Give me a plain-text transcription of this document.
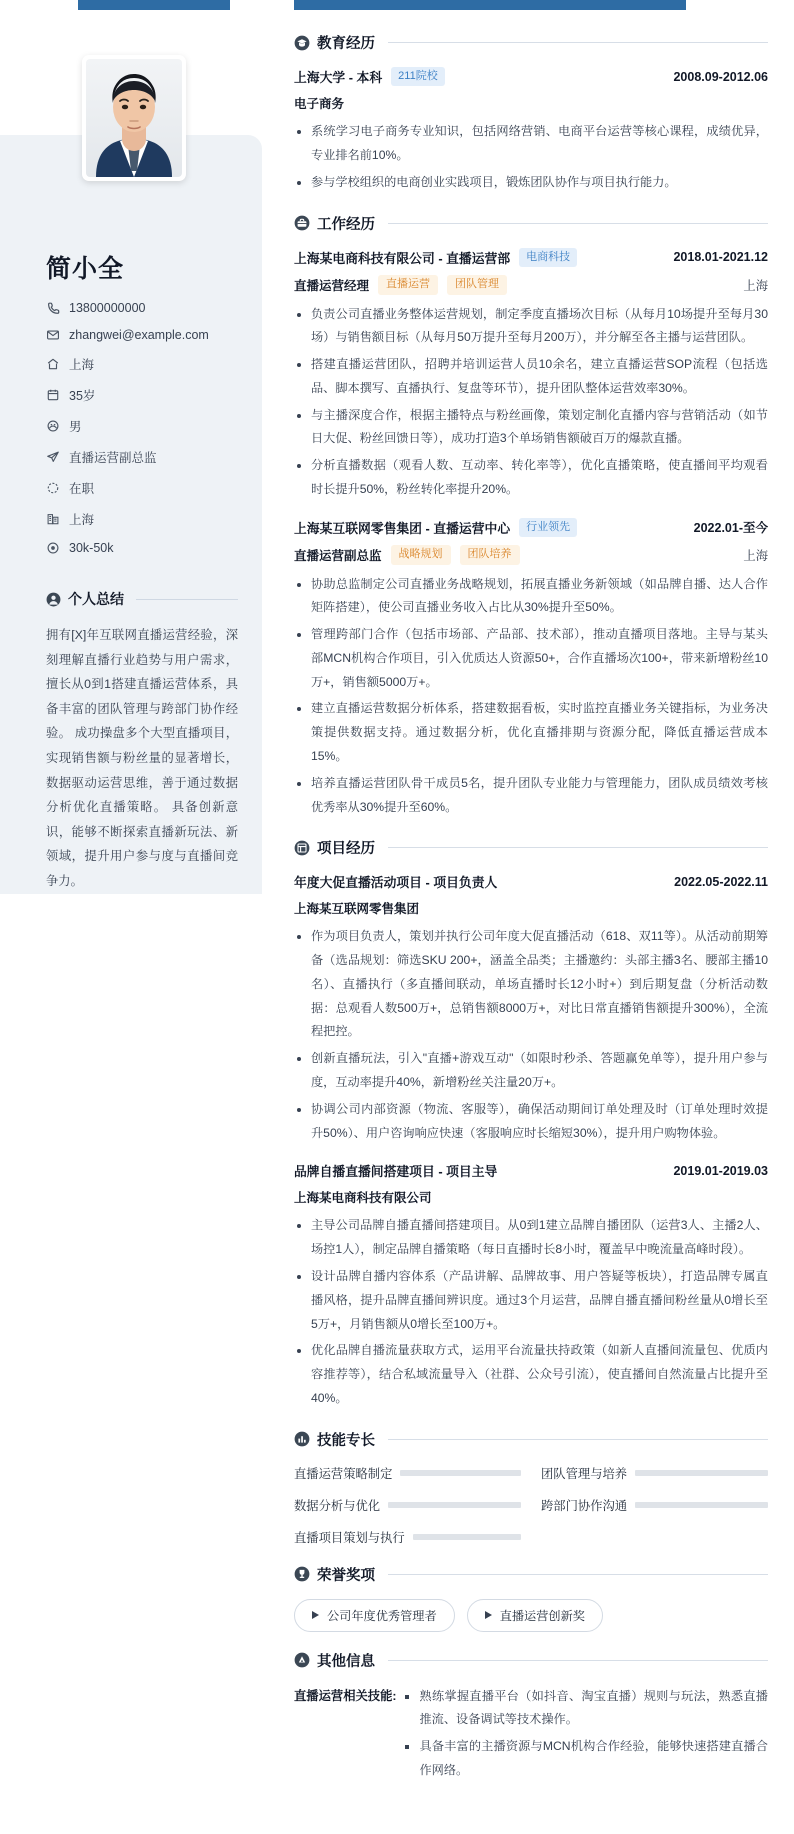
简小全
13800000000
zhangwei@example.com
上海
35岁
男
直播运营副总监
在职
上海
30k-50k
个人总结
拥有[X]年互联网直播运营经验，深刻理解直播行业趋势与用户需求，擅长从0到1搭建直播运营体系，具备丰富的团队管理与跨部门协作经验。 成功操盘多个大型直播项目，实现销售额与粉丝量的显著增长，数据驱动运营思维，善于通过数据分析优化直播策略。 具备创新意识，能够不断探索直播新玩法、新领域，提升用户参与度与直播间竞争力。
教育经历
上海大学 - 本科	211院校	2008.09-2012.06
电子商务
系统学习电子商务专业知识，包括网络营销、电商平台运营等核心课程，成绩优异，专业排名前10%。
参与学校组织的电商创业实践项目，锻炼团队协作与项目执行能力。
工作经历
上海某电商科技有限公司 - 直播运营部	电商科技	2018.01-2021.12
直播运营经理	直播运营	团队管理	上海
负责公司直播业务整体运营规划，制定季度直播场次目标（从每月10场提升至每月30场）与销售额目标（从每月50万提升至每月200万），并分解至各主播与运营团队。
搭建直播运营团队，招聘并培训运营人员10余名，建立直播运营SOP流程（包括选品、脚本撰写、直播执行、复盘等环节），提升团队整体运营效率30%。
与主播深度合作，根据主播特点与粉丝画像，策划定制化直播内容与营销活动（如节日大促、粉丝回馈日等），成功打造3个单场销售额破百万的爆款直播。
分析直播数据（观看人数、互动率、转化率等），优化直播策略，使直播间平均观看时长提升50%，粉丝转化率提升20%。
上海某互联网零售集团 - 直播运营中心	行业领先	2022.01-至今
直播运营副总监	战略规划	团队培养	上海
协助总监制定公司直播业务战略规划，拓展直播业务新领域（如品牌自播、达人合作矩阵搭建），使公司直播业务收入占比从30%提升至50%。
管理跨部门合作（包括市场部、产品部、技术部），推动直播项目落地。主导与某头部MCN机构合作项目，引入优质达人资源50+，合作直播场次100+，带来新增粉丝10万+，销售额5000万+。
建立直播运营数据分析体系，搭建数据看板，实时监控直播业务关键指标，为业务决策提供数据支持。通过数据分析，优化直播排期与资源分配，降低直播运营成本15%。
培养直播运营团队骨干成员5名，提升团队专业能力与管理能力，团队成员绩效考核优秀率从30%提升至60%。
项目经历
年度大促直播活动项目 - 项目负责人	2022.05-2022.11
上海某互联网零售集团
作为项目负责人，策划并执行公司年度大促直播活动（618、双11等）。从活动前期筹备（选品规划：筛选SKU 200+，涵盖全品类；主播邀约：头部主播3名、腰部主播10名）、直播执行（多直播间联动，单场直播时长12小时+）到后期复盘（分析活动数据：总观看人数500万+，总销售额8000万+，对比日常直播销售额提升300%），全流程把控。
创新直播玩法，引入"直播+游戏互动"（如限时秒杀、答题赢免单等），提升用户参与度，互动率提升40%，新增粉丝关注量20万+。
协调公司内部资源（物流、客服等），确保活动期间订单处理及时（订单处理时效提升50%）、用户咨询响应快速（客服响应时长缩短30%），提升用户购物体验。
品牌自播直播间搭建项目 - 项目主导	2019.01-2019.03
上海某电商科技有限公司
主导公司品牌自播直播间搭建项目。从0到1建立品牌自播团队（运营3人、主播2人、场控1人），制定品牌自播策略（每日直播时长8小时，覆盖早中晚流量高峰时段）。
设计品牌自播内容体系（产品讲解、品牌故事、用户答疑等板块），打造品牌专属直播风格，提升品牌直播间辨识度。通过3个月运营，品牌自播直播间粉丝量从0增长至5万+，月销售额从0增长至100万+。
优化品牌自播流量获取方式，运用平台流量扶持政策（如新人直播间流量包、优质内容推荐等），结合私域流量导入（社群、公众号引流），使直播间自然流量占比提升至40%。
技能专长
直播运营策略制定	团队管理与培养
数据分析与优化	跨部门协作沟通
直播项目策划与执行
荣誉奖项
公司年度优秀管理者	直播运营创新奖
其他信息
直播运营相关技能:	熟练掌握直播平台（如抖音、淘宝直播）规则与玩法，熟悉直播推流、设备调试等技术操作。
具备丰富的主播资源与MCN机构合作经验，能够快速搭建直播合作网络。
